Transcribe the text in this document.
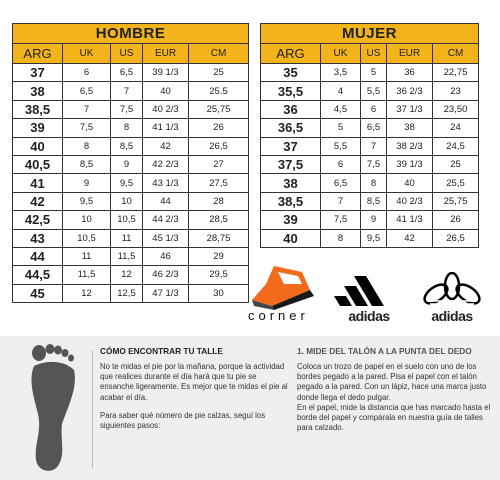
HOMBRE				
ARG	UK	US	EUR	CM
37	6	6,5	39 1/3	25
38	6,5	7	40	25.5
38,5	7	7,5	40 2/3	25,75
39	7,5	8	41 1/3	26
40	8	8,5	42	26,5
40,5	8,5	9	42 2/3	27
41	9	9,5	43 1/3	27,5
42	9,5	10	44	28
42,5	10	10,5	44 2/3	28,5
43	10,5	11	45 1/3	28,75
44	11	11,5	46	29
44,5	11,5	12	46 2/3	29,5
45	12	12,5	47 1/3	30
MUJER				
ARG	UK	US	EUR	CM
35	3,5	5	36	22,75
35,5	4	5,5	36 2/3	23
36	4,5	6	37 1/3	23,50
36,5	5	6,5	38	24
37	5,5	7	38 2/3	24,5
37,5	6	7,5	39 1/3	25
38	6,5	8	40	25,5
38,5	7	8,5	40 2/3	25,75
39	7,5	9	41 1/3	26
40	8	9,5	42	26,5
corner	adidas	adidas

CÓMO ENCONTRAR TU TALLE

No te midas el pie por la mañana, porque la actividad que realices durante el día hará que tu pie se ensanche ligeramente. Es mejor que te midas el pie al acabar el día.

Para saber qué número de pie calzas, seguí los siguientes pasos:

1. MIDE DEL TALÓN A LA PUNTA DEL DEDO

Coloca un trozo de papel en el suelo con uno de los bordes pegado a la pared. Pisa el papel con el talón pegado a la pared. Con un lápiz, hace una marca justo donde llega el dedo pulgar.

En el papel, mide la distancia que has marcado hasta el borde del papel y compárala en nuestra guía de talles para calzado.
